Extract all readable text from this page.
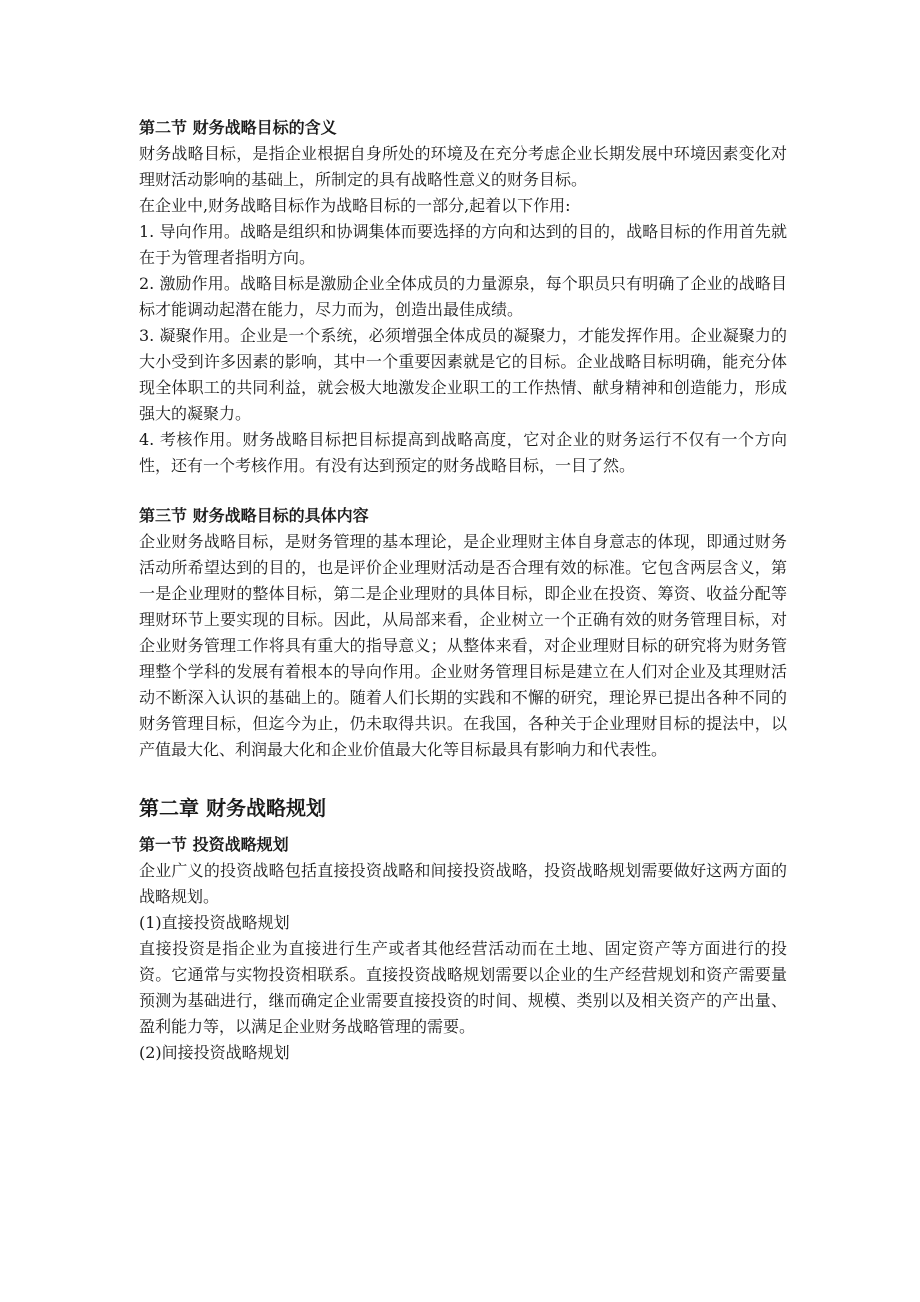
第二节 财务战略目标的含义
财务战略目标，是指企业根据自身所处的环境及在充分考虑企业长期发展中环境因素变化对理财活动影响的基础上，所制定的具有战略性意义的财务目标。
在企业中,财务战略目标作为战略目标的一部分,起着以下作用:
1. 导向作用。战略是组织和协调集体而要选择的方向和达到的目的，战略目标的作用首先就在于为管理者指明方向。
2. 激励作用。战略目标是激励企业全体成员的力量源泉，每个职员只有明确了企业的战略目标才能调动起潜在能力，尽力而为，创造出最佳成绩。
3. 凝聚作用。企业是一个系统，必须增强全体成员的凝聚力，才能发挥作用。企业凝聚力的大小受到许多因素的影响，其中一个重要因素就是它的目标。企业战略目标明确，能充分体现全体职工的共同利益，就会极大地激发企业职工的工作热情、献身精神和创造能力，形成强大的凝聚力。
4. 考核作用。财务战略目标把目标提高到战略高度，它对企业的财务运行不仅有一个方向性，还有一个考核作用。有没有达到预定的财务战略目标，一目了然。
第三节 财务战略目标的具体内容
企业财务战略目标，是财务管理的基本理论，是企业理财主体自身意志的体现，即通过财务活动所希望达到的目的，也是评价企业理财活动是否合理有效的标准。它包含两层含义，第一是企业理财的整体目标，第二是企业理财的具体目标，即企业在投资、筹资、收益分配等理财环节上要实现的目标。因此，从局部来看，企业树立一个正确有效的财务管理目标，对企业财务管理工作将具有重大的指导意义；从整体来看，对企业理财目标的研究将为财务管理整个学科的发展有着根本的导向作用。企业财务管理目标是建立在人们对企业及其理财活动不断深入认识的基础上的。随着人们长期的实践和不懈的研究，理论界已提出各种不同的财务管理目标，但迄今为止，仍未取得共识。在我国，各种关于企业理财目标的提法中，以产值最大化、利润最大化和企业价值最大化等目标最具有影响力和代表性。
第二章 财务战略规划
第一节 投资战略规划
企业广义的投资战略包括直接投资战略和间接投资战略，投资战略规划需要做好这两方面的战略规划。
(1)直接投资战略规划
直接投资是指企业为直接进行生产或者其他经营活动而在土地、固定资产等方面进行的投资。它通常与实物投资相联系。直接投资战略规划需要以企业的生产经营规划和资产需要量预测为基础进行，继而确定企业需要直接投资的时间、规模、类别以及相关资产的产出量、盈利能力等，以满足企业财务战略管理的需要。
(2)间接投资战略规划
